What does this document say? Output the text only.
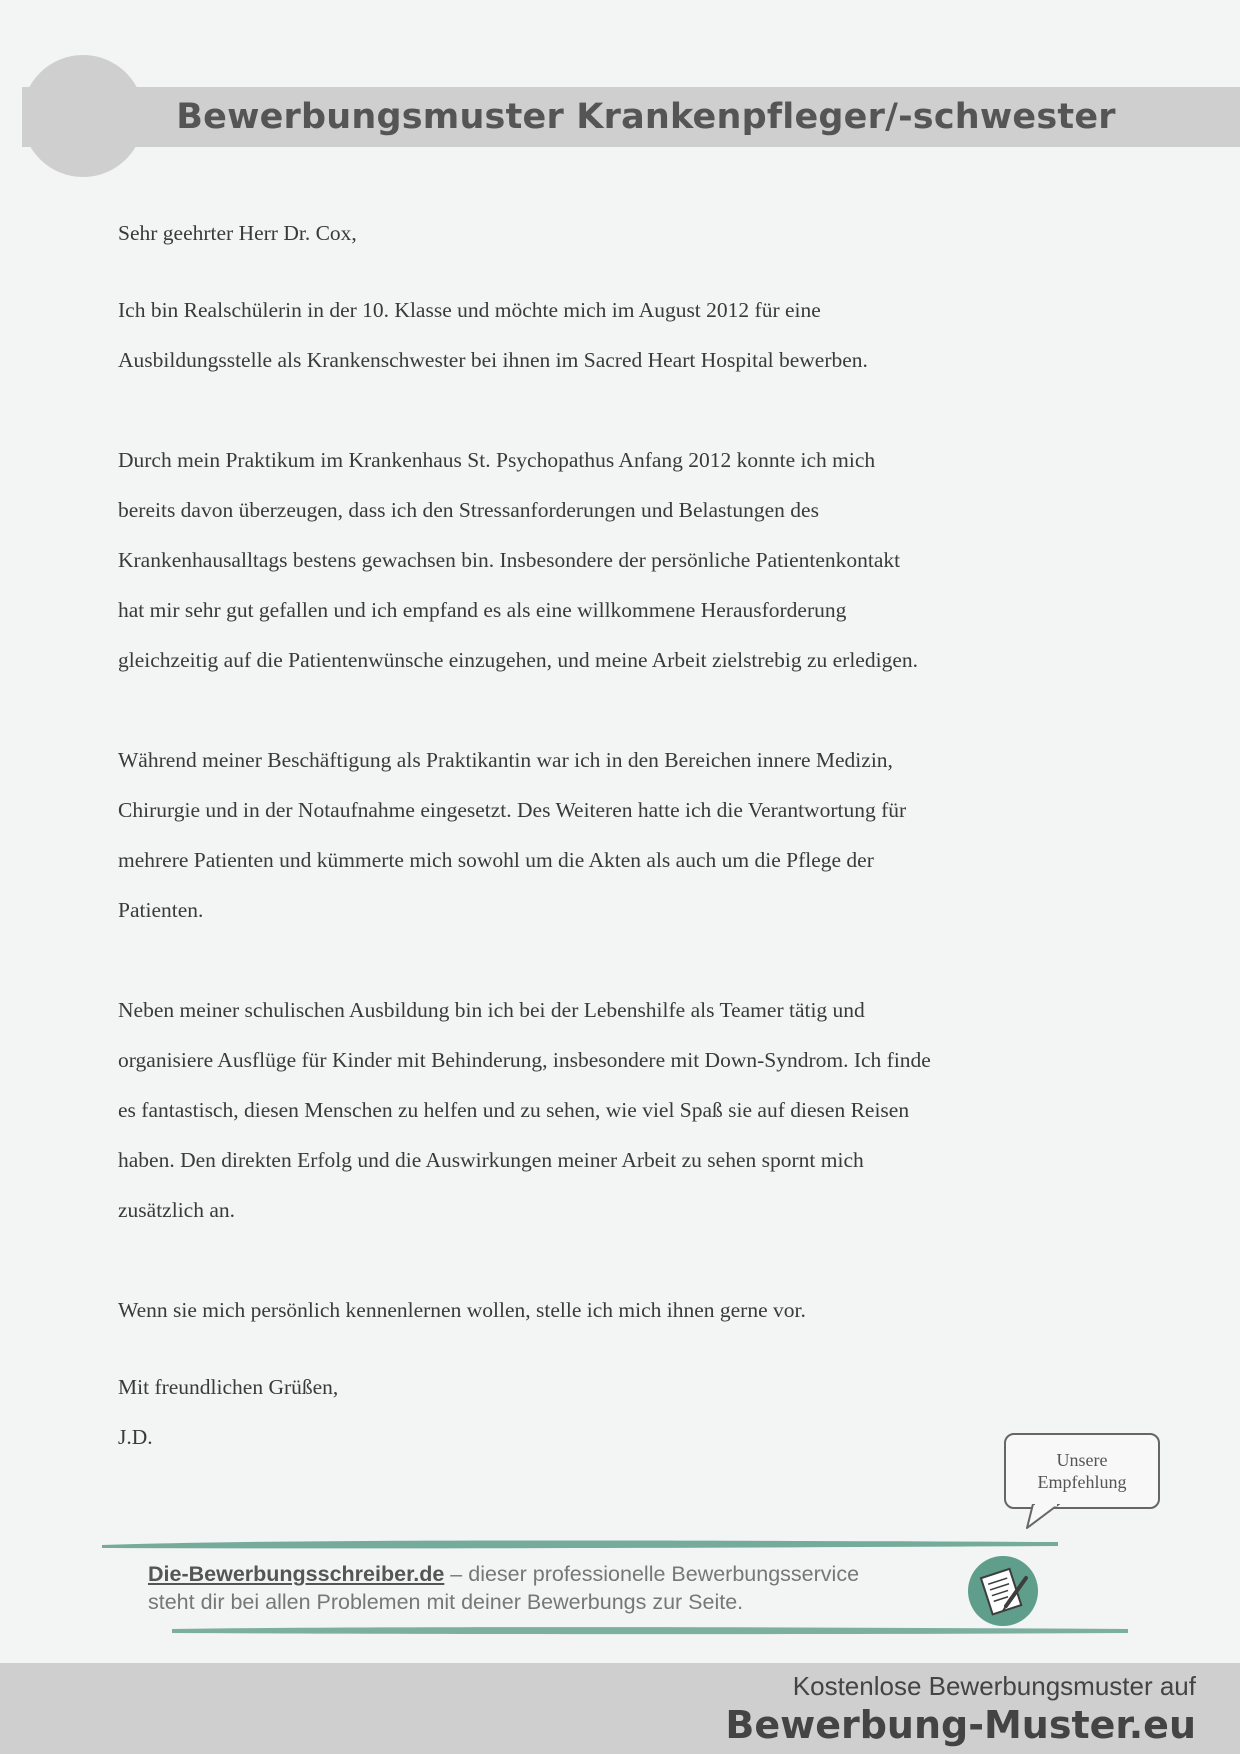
Bewerbungsmuster Krankenpfleger/-schwester

Sehr geehrter Herr Dr. Cox,

Ich bin Realschülerin in der 10. Klasse und möchte mich im August 2012 für eine
Ausbildungsstelle als Krankenschwester bei ihnen im Sacred Heart Hospital bewerben.

Durch mein Praktikum im Krankenhaus St. Psychopathus Anfang 2012 konnte ich mich
bereits davon überzeugen, dass ich den Stressanforderungen und Belastungen des
Krankenhausalltags bestens gewachsen bin. Insbesondere der persönliche Patientenkontakt
hat mir sehr gut gefallen und ich empfand es als eine willkommene Herausforderung
gleichzeitig auf die Patientenwünsche einzugehen, und meine Arbeit zielstrebig zu erledigen.

Während meiner Beschäftigung als Praktikantin war ich in den Bereichen innere Medizin,
Chirurgie und in der Notaufnahme eingesetzt. Des Weiteren hatte ich die Verantwortung für
mehrere Patienten und kümmerte mich sowohl um die Akten als auch um die Pflege der
Patienten.

Neben meiner schulischen Ausbildung bin ich bei der Lebenshilfe als Teamer tätig und
organisiere Ausflüge für Kinder mit Behinderung, insbesondere mit Down-Syndrom. Ich finde
es fantastisch, diesen Menschen zu helfen und zu sehen, wie viel Spaß sie auf diesen Reisen
haben. Den direkten Erfolg und die Auswirkungen meiner Arbeit zu sehen spornt mich
zusätzlich an.

Wenn sie mich persönlich kennenlernen wollen, stelle ich mich ihnen gerne vor.

Mit freundlichen Grüßen,

J.D.

Unsere
Empfehlung
Die-Bewerbungsschreiber.de – dieser professionelle Bewerbungsservice
steht dir bei allen Problemen mit deiner Bewerbungs zur Seite.
Kostenlose Bewerbungsmuster auf
Bewerbung-Muster.eu
